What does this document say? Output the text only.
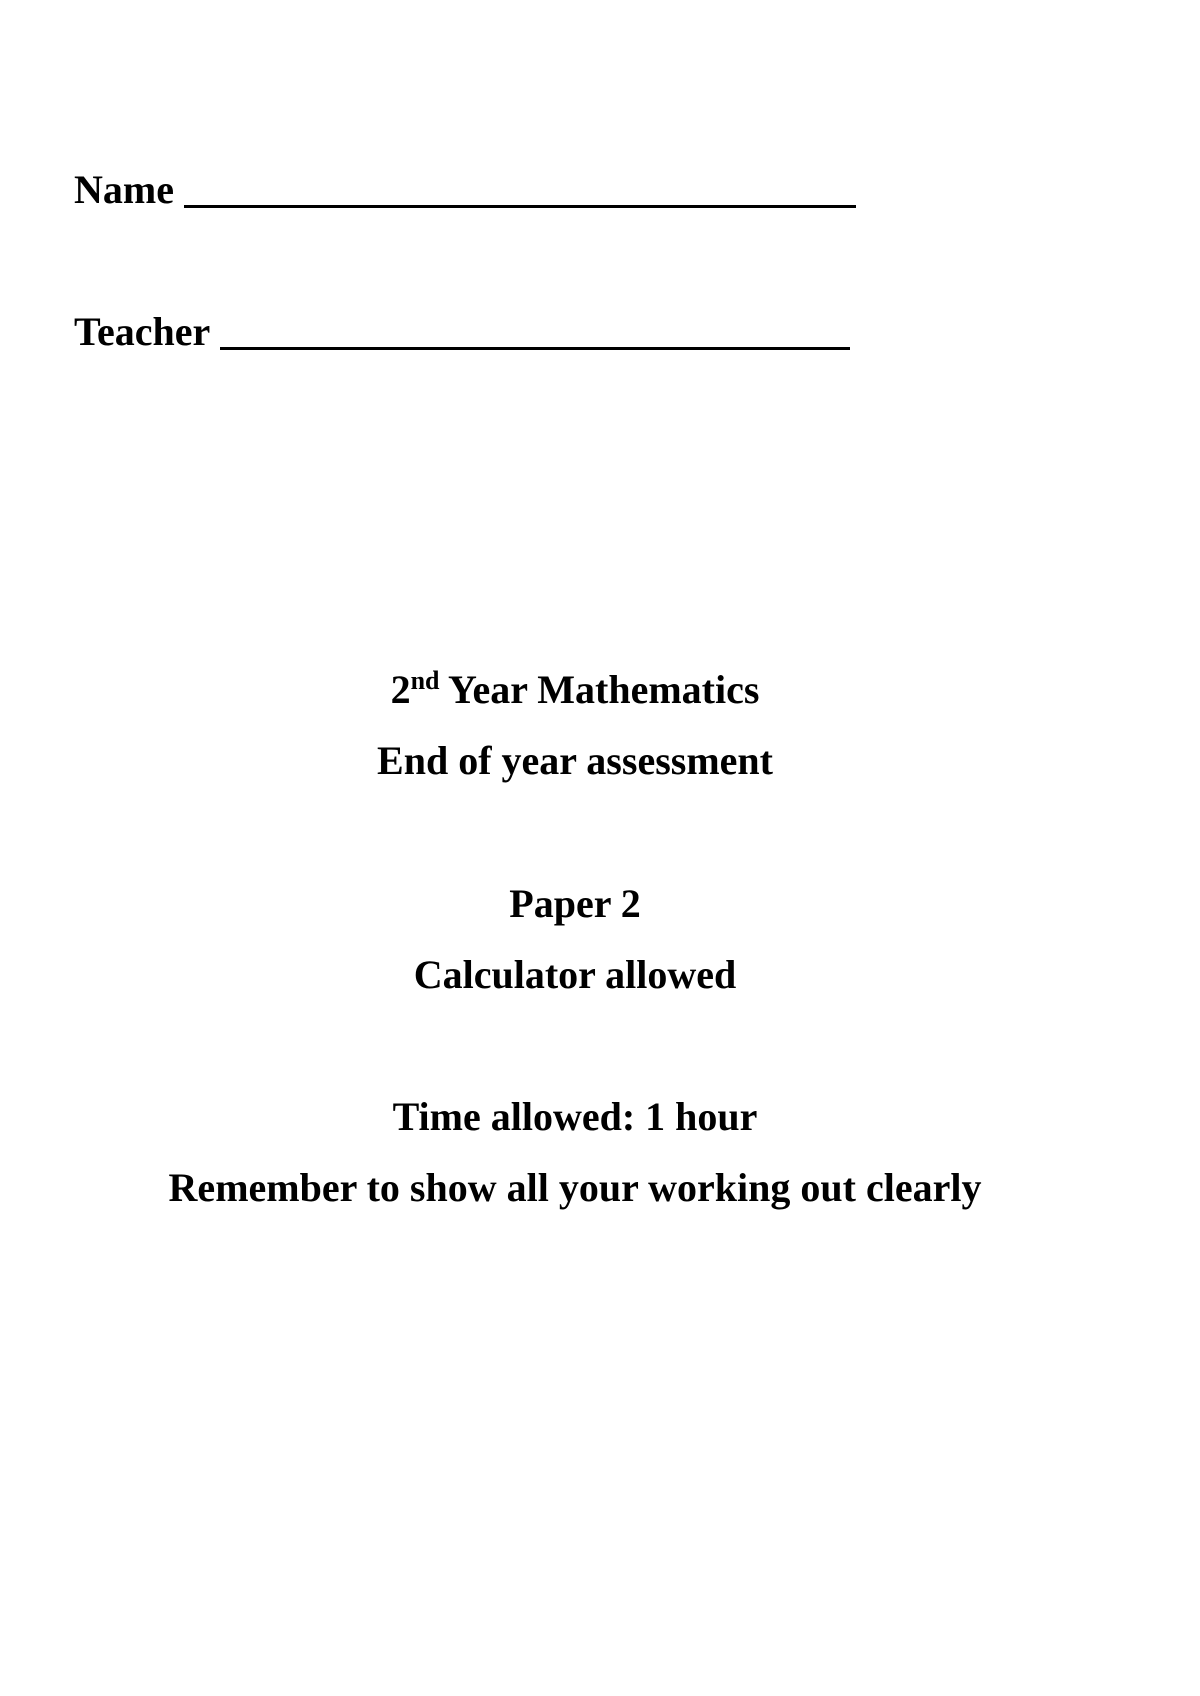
Name
Teacher
2nd Year Mathematics
End of year assessment
Paper 2
Calculator allowed
Time allowed: 1 hour
Remember to show all your working out clearly
